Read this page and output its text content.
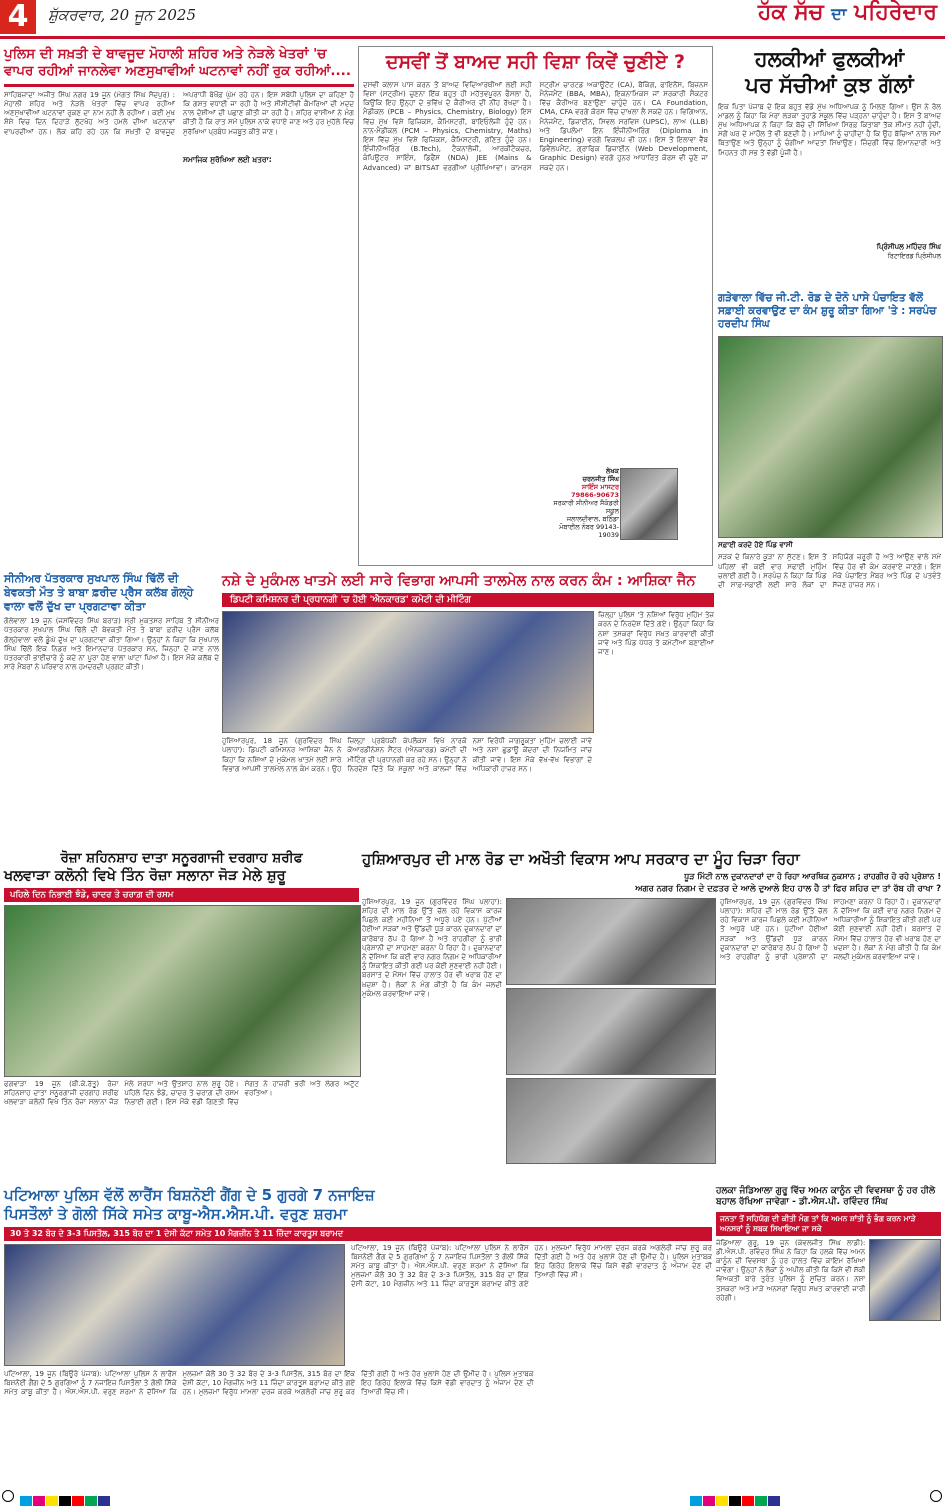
4	ਸ਼ੁੱਕਰਵਾਰ, 20 ਜੂਨ 2025	ਹੱਕ ਸੱਚ ਦਾ ਪਹਿਰੇਦਾਰ
ਪੁਲਿਸ ਦੀ ਸਖ਼ਤੀ ਦੇ ਬਾਵਜੂਦ ਮੋਹਾਲੀ ਸ਼ਹਿਰ ਅਤੇ ਨੇੜਲੇ ਖੇਤਰਾਂ 'ਚ ਵਾਪਰ ਰਹੀਆਂ ਜਾਨਲੇਵਾ ਅਣਸੁਖਾਵੀਆਂ ਘਟਨਾਵਾਂ ਨਹੀਂ ਰੁਕ ਰਹੀਆਂ....
ਸਾਹਿਬਜ਼ਾਦਾ ਅਜੀਤ ਸਿੰਘ ਨਗਰ 19 ਜੂਨ (ਮੰਗਤ ਸਿੰਘ ਸੈਦਪੁਰ) : ਮੋਹਾਲੀ ਸ਼ਹਿਰ ਅਤੇ ਨੇੜਲੇ ਖੇਤਰਾਂ ਵਿੱਚ ਵਾਪਰ ਰਹੀਆਂ ਅਣਸੁਖਾਵੀਆਂ ਘਟਨਾਵਾਂ ਰੁਕਣ ਦਾ ਨਾਮ ਨਹੀਂ ਲੈ ਰਹੀਆਂ। ਕਈ ਮੁਖ ਸ਼ੋਸ਼ੇ ਵਿਚ ਦਿਨ ਦਿਹਾੜੇ ਲੁੱਟਖੋਹ ਅਤੇ ਹਮਲੇ ਦੀਆਂ ਘਟਨਾਵਾਂ ਵਾਪਰਦੀਆਂ ਹਨ। ਲੋਕ ਕਹਿ ਰਹੇ ਹਨ ਕਿ ਸਖ਼ਤੀ ਦੇ ਬਾਵਜੂਦ ਅਪਰਾਧੀ ਬੇਖੌਫ਼ ਘੁੰਮ ਰਹੇ ਹਨ। ਇਸ ਸਬੰਧੀ ਪੁਲਿਸ ਦਾ ਕਹਿਣਾ ਹੈ ਕਿ ਗਸ਼ਤ ਵਧਾਈ ਜਾ ਰਹੀ ਹੈ ਅਤੇ ਸੀਸੀਟੀਵੀ ਕੈਮਰਿਆਂ ਦੀ ਮਦਦ ਨਾਲ ਦੋਸ਼ੀਆਂ ਦੀ ਪਛਾਣ ਕੀਤੀ ਜਾ ਰਹੀ ਹੈ। ਸ਼ਹਿਰ ਵਾਸੀਆਂ ਨੇ ਮੰਗ ਕੀਤੀ ਹੈ ਕਿ ਰਾਤ ਸਮੇਂ ਪੁਲਿਸ ਨਾਕੇ ਵਧਾਏ ਜਾਣ ਅਤੇ ਹਰ ਮੁਹੱਲੇ ਵਿਚ ਸੁਰੱਖਿਆ ਪ੍ਰਬੰਧ ਮਜ਼ਬੂਤ ਕੀਤੇ ਜਾਣ।
ਸਮਾਜਿਕ ਸੁਰੱਖਿਆ ਲਈ ਖ਼ਤਰਾ:
ਦਸਵੀਂ ਤੋਂ ਬਾਅਦ ਸਹੀ ਵਿਸ਼ਾ ਕਿਵੇਂ ਚੁਣੀਏ ?
ਦਸਵੀਂ ਕਲਾਸ ਪਾਸ ਕਰਨ ਤੋਂ ਬਾਅਦ ਵਿਦਿਆਰਥੀਆਂ ਲਈ ਸਹੀ ਵਿਸ਼ਾ (ਸਟ੍ਰੀਮ) ਚੁਣਨਾ ਇੱਕ ਬਹੁਤ ਹੀ ਮਹੱਤਵਪੂਰਨ ਫੈਸਲਾ ਹੈ, ਕਿਉਂਕਿ ਇਹ ਉਨ੍ਹਾਂ ਦੇ ਭਵਿੱਖ ਦੇ ਕੈਰੀਅਰ ਦੀ ਨੀਂਹ ਰੱਖਦਾ ਹੈ। ਮੈਡੀਕਲ (PCB – Physics, Chemistry, Biology) ਇਸ ਵਿੱਚ ਮੁੱਖ ਵਿਸ਼ੇ ਫਿਜ਼ਿਕਸ, ਕੈਮਿਸਟਰੀ, ਬਾਇਓਲੋਜੀ ਹੁੰਦੇ ਹਨ। ਨਾਨ-ਮੈਡੀਕਲ (PCM – Physics, Chemistry, Maths) ਇਸ ਵਿੱਚ ਮੁੱਖ ਵਿਸ਼ੇ ਫਿਜ਼ਿਕਸ, ਕੈਮਿਸਟਰੀ, ਗਣਿਤ ਹੁੰਦੇ ਹਨ। ਇੰਜੀਨੀਅਰਿੰਗ (B.Tech), ਟੈਕਨਾਲੋਜੀ, ਆਰਕੀਟੈਕਚਰ, ਕੰਪਿਊਟਰ ਸਾਇੰਸ, ਡਿਫੈਂਸ (NDA) JEE (Mains & Advanced) ਜਾਂ BITSAT ਵਰਗੀਆਂ ਪ੍ਰੀਖਿਆਵਾਂ। ਕਾਮਰਸ ਸਟ੍ਰੀਮ ਚਾਰਟਡ ਅਕਾਊਂਟੈਂਟ (CA), ਬੈਂਕਿੰਗ, ਫਾਇਨੈਂਸ, ਬਿਜ਼ਨਸ ਮੈਨੇਜਮੈਂਟ (BBA, MBA), ਇਕਨਾਮਿਕਸ ਜਾਂ ਸਰਕਾਰੀ ਸੈਕਟਰ ਵਿੱਚ ਕੈਰੀਅਰ ਬਣਾਉਣਾ ਚਾਹੁੰਦੇ ਹਨ। CA Foundation, CMA, CFA ਵਰਗੇ ਕੋਰਸ ਵਿੱਚ ਦਾਖਲਾ ਲੈ ਸਕਦੇ ਹਨ। ਵਿਗਿਆਨ, ਮੈਨੇਜਮੈਂਟ, ਡਿਜ਼ਾਈਨ, ਸਿਵਲ ਸਰਵਿਸ (UPSC), ਲਾਅ (LLB) ਅਤੇ ਡਿਪਲੋਮਾ ਇਨ ਇੰਜੀਨੀਅਰਿੰਗ (Diploma in Engineering) ਵਰਗੇ ਵਿਕਲਪ ਵੀ ਹਨ। ਇਸ ਤੋਂ ਇਲਾਵਾ ਵੈੱਬ ਡਿਵੈਲਪਮੈਂਟ, ਗ੍ਰਾਫਿਕ ਡਿਜ਼ਾਈਨ (Web Development, Graphic Design) ਵਰਗੇ ਹੁਨਰ ਆਧਾਰਿਤ ਕੋਰਸ ਵੀ ਚੁਣੇ ਜਾ ਸਕਦੇ ਹਨ।
ਲੇਖਕ
ਚਰਨਜੀਤ ਸਿੰਘ
ਸਾਇੰਸ ਮਾਸਟਰ
79866-90673
ਸਰਕਾਰੀ ਸੀਨੀਅਰ ਸੈਕੰਡਰੀ ਸਕੂਲ
ਜਲਾਲਦੀਵਾਲ, ਬਠਿੰਡਾ
ਮੋਬਾਈਲ ਨੰਬਰ 99143-19039
ਹਲਕੀਆਂ ਫੁਲਕੀਆਂ
ਪਰ ਸੱਚੀਆਂ ਕੁਝ ਗੱਲਾਂ
ਇਕ ਪਿਤਾ ਪੰਜਾਬ ਦੇ ਇਕ ਬਹੁਤ ਵੱਡੇ ਮੁੱਖ ਅਧਿਆਪਕ ਨੂੰ ਮਿਲਣ ਗਿਆ। ਉਸ ਨੇ ਰੋਲ ਮਾਡਲ ਨੂੰ ਕਿਹਾ ਕਿ ਮੇਰਾ ਲੜਕਾ ਤੁਹਾਡੇ ਸਕੂਲ ਵਿੱਚ ਪੜ੍ਹਨਾ ਚਾਹੁੰਦਾ ਹੈ। ਇਸ ਤੋਂ ਬਾਅਦ ਮੁੱਖ ਅਧਿਆਪਕ ਨੇ ਕਿਹਾ ਕਿ ਬੱਚੇ ਦੀ ਸਿੱਖਿਆ ਸਿਰਫ਼ ਕਿਤਾਬਾਂ ਤੱਕ ਸੀਮਤ ਨਹੀਂ ਹੁੰਦੀ, ਸਗੋਂ ਘਰ ਦੇ ਮਾਹੌਲ ਤੋਂ ਵੀ ਬਣਦੀ ਹੈ। ਮਾਪਿਆਂ ਨੂੰ ਚਾਹੀਦਾ ਹੈ ਕਿ ਉਹ ਬੱਚਿਆਂ ਨਾਲ ਸਮਾਂ ਬਿਤਾਉਣ ਅਤੇ ਉਨ੍ਹਾਂ ਨੂੰ ਚੰਗੀਆਂ ਆਦਤਾਂ ਸਿਖਾਉਣ। ਜ਼ਿੰਦਗੀ ਵਿੱਚ ਇਮਾਨਦਾਰੀ ਅਤੇ ਮਿਹਨਤ ਹੀ ਸਭ ਤੋਂ ਵੱਡੀ ਪੂੰਜੀ ਹੈ।
ਪ੍ਰਿੰਸੀਪਲ ਮਹਿੰਦਰ ਸਿੰਘ
ਰਿਟਾਇਰਡ ਪ੍ਰਿੰਸੀਪਲ
ਗੜੇਵਾਲਾ ਵਿੱਚ ਜੀ.ਟੀ. ਰੋਡ ਦੇ ਦੋਨੋ ਪਾਸੇ ਪੰਚਾਇਤ ਵੱਲੋਂ ਸਫ਼ਾਈ ਕਰਵਾਉਣ ਦਾ ਕੰਮ ਸ਼ੁਰੂ ਕੀਤਾ ਗਿਆ 'ਤੇ : ਸਰਪੰਚ ਹਰਦੀਪ ਸਿੰਘ
ਸਫ਼ਾਈ ਕਰਦੇ ਹੋਏ ਪਿੰਡ ਵਾਸੀ
ਸੜਕ ਦੇ ਕਿਨਾਰੇ ਕੂੜਾ ਨਾ ਸੁੱਟਣ। ਇਸ ਤੋਂ ਪਹਿਲਾਂ ਵੀ ਕਈ ਵਾਰ ਸਫਾਈ ਮੁਹਿੰਮ ਚਲਾਈ ਗਈ ਹੈ। ਸਰਪੰਚ ਨੇ ਕਿਹਾ ਕਿ ਪਿੰਡ ਦੀ ਸਾਫ਼-ਸਫ਼ਾਈ ਲਈ ਸਾਰੇ ਲੋਕਾਂ ਦਾ ਸਹਿਯੋਗ ਜ਼ਰੂਰੀ ਹੈ ਅਤੇ ਆਉਣ ਵਾਲੇ ਸਮੇਂ ਵਿੱਚ ਹੋਰ ਵੀ ਕੰਮ ਕਰਵਾਏ ਜਾਣਗੇ। ਇਸ ਮੌਕੇ ਪੰਚਾਇਤ ਮੈਂਬਰ ਅਤੇ ਪਿੰਡ ਦੇ ਪਤਵੰਤੇ ਸੱਜਣ ਹਾਜ਼ਰ ਸਨ।
ਸੀਨੀਅਰ ਪੱਤਰਕਾਰ ਸੁਖਪਾਲ ਸਿੰਘ ਢਿੱਲੋਂ ਦੀ
ਬੇਵਕਤੀ ਮੌਤ ਤੇ ਬਾਬਾ ਫ਼ਰੀਦ ਪ੍ਰੈਸ ਕਲੱਬ ਗੋਲ੍ਹੇ
ਵਾਲਾ ਵਲੋਂ ਦੁੱਖ ਦਾ ਪ੍ਰਗਟਾਵਾ ਕੀਤਾ
ਗੋਲੇਵਾਲਾ 19 ਜੂਨ (ਜਸਵਿੰਦਰ ਸਿੰਘ ਬਰਾੜ) ਸ੍ਰੀ ਮੁਕਤਸਰ ਸਾਹਿਬ ਤੋਂ ਸੀਨੀਅਰ ਪੱਤਰਕਾਰ ਸੁਖਪਾਲ ਸਿੰਘ ਢਿੱਲੋਂ ਦੀ ਬੇਵਕਤੀ ਮੌਤ ਤੇ ਬਾਬਾ ਫ਼ਰੀਦ ਪ੍ਰੈਸ ਕਲੱਬ ਗੋਲ੍ਹੇਵਾਲਾ ਵਲੋਂ ਡੂੰਘੇ ਦੁੱਖ ਦਾ ਪ੍ਰਗਟਾਵਾ ਕੀਤਾ ਗਿਆ। ਉਨ੍ਹਾਂ ਨੇ ਕਿਹਾ ਕਿ ਸੁਖਪਾਲ ਸਿੰਘ ਢਿੱਲੋਂ ਇਕ ਨਿਡਰ ਅਤੇ ਇਮਾਨਦਾਰ ਪੱਤਰਕਾਰ ਸਨ, ਜਿਨ੍ਹਾਂ ਦੇ ਜਾਣ ਨਾਲ ਪੱਤਰਕਾਰੀ ਭਾਈਚਾਰੇ ਨੂੰ ਕਦੇ ਨਾ ਪੂਰਾ ਹੋਣ ਵਾਲਾ ਘਾਟਾ ਪਿਆ ਹੈ। ਇਸ ਮੌਕੇ ਕਲੱਬ ਦੇ ਸਾਰੇ ਮੈਂਬਰਾਂ ਨੇ ਪਰਿਵਾਰ ਨਾਲ ਹਮਦਰਦੀ ਪ੍ਰਗਟ ਕੀਤੀ।
ਨਸ਼ੇ ਦੇ ਮੁਕੰਮਲ ਖਾਤਮੇ ਲਈ ਸਾਰੇ ਵਿਭਾਗ ਆਪਸੀ ਤਾਲਮੇਲ ਨਾਲ ਕਰਨ ਕੰਮ : ਆਸ਼ਿਕਾ ਜੈਨ
ਡਿਪਟੀ ਕਮਿਸ਼ਨਰ ਦੀ ਪ੍ਰਧਾਨਗੀ 'ਚ ਹੋਈ 'ਐਨਕਾਰਡ' ਕਮੇਟੀ ਦੀ ਮੀਟਿੰਗ
ਹੁਸ਼ਿਆਰਪੁਰ, 18 ਜੂਨ (ਗੁਰਵਿੰਦਰ ਸਿੰਘ ਪਲਾਹਾ): ਡਿਪਟੀ ਕਮਿਸ਼ਨਰ ਆਸ਼ਿਕਾ ਜੈਨ ਨੇ ਕਿਹਾ ਕਿ ਨਸ਼ਿਆਂ ਦੇ ਮੁਕੰਮਲ ਖਾਤਮੇ ਲਈ ਸਾਰੇ ਵਿਭਾਗ ਆਪਸੀ ਤਾਲਮੇਲ ਨਾਲ ਕੰਮ ਕਰਨ। ਉਹ ਜ਼ਿਲ੍ਹਾ ਪ੍ਰਬੰਧਕੀ ਕੰਪਲੈਕਸ ਵਿਖੇ ਨਾਰਕੋ ਕੋਆਰਡੀਨੇਸ਼ਨ ਸੈਂਟਰ (ਐਨਕਾਰਡ) ਕਮੇਟੀ ਦੀ ਮੀਟਿੰਗ ਦੀ ਪ੍ਰਧਾਨਗੀ ਕਰ ਰਹੇ ਸਨ। ਉਨ੍ਹਾਂ ਨੇ ਨਿਰਦੇਸ਼ ਦਿੱਤੇ ਕਿ ਸਕੂਲਾਂ ਅਤੇ ਕਾਲਜਾਂ ਵਿੱਚ ਨਸ਼ਾ ਵਿਰੋਧੀ ਜਾਗਰੂਕਤਾ ਮੁਹਿੰਮ ਚਲਾਈ ਜਾਵੇ ਅਤੇ ਨਸ਼ਾ ਛੁਡਾਊ ਕੇਂਦਰਾਂ ਦੀ ਨਿਯਮਿਤ ਜਾਂਚ ਕੀਤੀ ਜਾਵੇ। ਇਸ ਮੌਕੇ ਵੱਖ-ਵੱਖ ਵਿਭਾਗਾਂ ਦੇ ਅਧਿਕਾਰੀ ਹਾਜ਼ਰ ਸਨ।
ਜ਼ਿਲ੍ਹਾ ਪੁਲਿਸ 'ਤੇ ਨਸ਼ਿਆਂ ਵਿਰੁੱਧ ਮੁਹਿੰਮ ਤੇਜ਼ ਕਰਨ ਦੇ ਨਿਰਦੇਸ਼ ਦਿੱਤੇ ਗਏ। ਉਨ੍ਹਾਂ ਕਿਹਾ ਕਿ ਨਸ਼ਾ ਤਸਕਰਾਂ ਵਿਰੁੱਧ ਸਖ਼ਤ ਕਾਰਵਾਈ ਕੀਤੀ ਜਾਵੇ ਅਤੇ ਪਿੰਡ ਪੱਧਰ ਤੇ ਕਮੇਟੀਆਂ ਬਣਾਈਆਂ ਜਾਣ।
ਰੋਜ਼ਾ ਸ਼ਹਿਨਸ਼ਾਹ ਦਾਤਾ ਸਨੂਰਗਾਜੀ ਦਰਗਾਹ ਸ਼ਰੀਫ
ਖਲਵਾੜਾ ਕਲੋਨੀ ਵਿਖੇ ਤਿੰਨ ਰੋਜ਼ਾ ਸਲਾਨਾ ਜੋੜ ਮੇਲੇ ਸ਼ੁਰੂ
ਪਹਿਲੇ ਦਿਨ ਨਿਭਾਈ ਝੰਡੇ, ਚਾਦਰ ਤੇ ਚਰਾਗ਼ ਦੀ ਰਸਮ
ਫਗਵਾੜਾ 19 ਜੂਨ (ਬੀ.ਕੇ.ਰੱਤੂ) ਰੋਜ਼ਾ ਸ਼ਹਿਨਸ਼ਾਹ ਦਾਤਾ ਸਨੂਰਗਾਜੀ ਦਰਗਾਹ ਸ਼ਰੀਫ ਖਲਵਾੜਾ ਕਲੋਨੀ ਵਿਖੇ ਤਿੰਨ ਰੋਜ਼ਾ ਸਲਾਨਾ ਜੋੜ ਮੇਲੇ ਸ਼ਰਧਾ ਅਤੇ ਉਤਸ਼ਾਹ ਨਾਲ ਸ਼ੁਰੂ ਹੋਏ। ਪਹਿਲੇ ਦਿਨ ਝੰਡੇ, ਚਾਦਰ ਤੇ ਚਰਾਗ਼ ਦੀ ਰਸਮ ਨਿਭਾਈ ਗਈ। ਇਸ ਮੌਕੇ ਵੱਡੀ ਗਿਣਤੀ ਵਿੱਚ ਸੰਗਤ ਨੇ ਹਾਜ਼ਰੀ ਭਰੀ ਅਤੇ ਲੰਗਰ ਅਟੁੱਟ ਵਰਤਿਆ।
ਹੁਸ਼ਿਆਰਪੁਰ ਦੀ ਮਾਲ ਰੋਡ ਦਾ ਅਖੌਤੀ ਵਿਕਾਸ ਆਪ ਸਰਕਾਰ ਦਾ ਮੂੰਹ ਚਿੜਾ ਰਿਹਾ
ਧੂੜ ਮਿੱਟੀ ਨਾਲ ਦੁਕਾਨਦਾਰਾਂ ਦਾ ਹੋ ਰਿਹਾ ਆਰਥਿਕ ਨੁਕਸਾਨ ; ਰਾਹਗੀਰ ਹੋ ਰਹੇ ਪ੍ਰੇਸ਼ਾਨ !
ਅਗਰ ਨਗਰ ਨਿਗਮ ਦੇ ਦਫ਼ਤਰ ਦੇ ਆਲੇ ਦੁਆਲੇ ਇਹ ਹਾਲ ਹੈ ਤਾਂ ਫਿਰ ਸ਼ਹਿਰ ਦਾ ਤਾਂ ਰੱਬ ਹੀ ਰਾਖਾ ?
ਹੁਸ਼ਿਆਰਪੁਰ, 19 ਜੂਨ (ਗੁਰਵਿੰਦਰ ਸਿੰਘ ਪਲਾਹਾ): ਸ਼ਹਿਰ ਦੀ ਮਾਲ ਰੋਡ ਉੱਤੇ ਚੱਲ ਰਹੇ ਵਿਕਾਸ ਕਾਰਜ ਪਿਛਲੇ ਕਈ ਮਹੀਨਿਆਂ ਤੋਂ ਅਧੂਰੇ ਪਏ ਹਨ। ਪੁੱਟੀਆਂ ਹੋਈਆਂ ਸੜਕਾਂ ਅਤੇ ਉੱਡਦੀ ਧੂੜ ਕਾਰਨ ਦੁਕਾਨਦਾਰਾਂ ਦਾ ਕਾਰੋਬਾਰ ਠੱਪ ਹੋ ਗਿਆ ਹੈ ਅਤੇ ਰਾਹਗੀਰਾਂ ਨੂੰ ਭਾਰੀ ਪ੍ਰੇਸ਼ਾਨੀ ਦਾ ਸਾਹਮਣਾ ਕਰਨਾ ਪੈ ਰਿਹਾ ਹੈ। ਦੁਕਾਨਦਾਰਾਂ ਨੇ ਦੱਸਿਆ ਕਿ ਕਈ ਵਾਰ ਨਗਰ ਨਿਗਮ ਦੇ ਅਧਿਕਾਰੀਆਂ ਨੂੰ ਸ਼ਿਕਾਇਤ ਕੀਤੀ ਗਈ ਪਰ ਕੋਈ ਸੁਣਵਾਈ ਨਹੀਂ ਹੋਈ। ਬਰਸਾਤ ਦੇ ਮੌਸਮ ਵਿੱਚ ਹਾਲਾਤ ਹੋਰ ਵੀ ਖਰਾਬ ਹੋਣ ਦਾ ਖ਼ਦਸ਼ਾ ਹੈ। ਲੋਕਾਂ ਨੇ ਮੰਗ ਕੀਤੀ ਹੈ ਕਿ ਕੰਮ ਜਲਦੀ ਮੁਕੰਮਲ ਕਰਵਾਇਆ ਜਾਵੇ।
ਹੁਸ਼ਿਆਰਪੁਰ, 19 ਜੂਨ (ਗੁਰਵਿੰਦਰ ਸਿੰਘ ਪਲਾਹਾ): ਸ਼ਹਿਰ ਦੀ ਮਾਲ ਰੋਡ ਉੱਤੇ ਚੱਲ ਰਹੇ ਵਿਕਾਸ ਕਾਰਜ ਪਿਛਲੇ ਕਈ ਮਹੀਨਿਆਂ ਤੋਂ ਅਧੂਰੇ ਪਏ ਹਨ। ਪੁੱਟੀਆਂ ਹੋਈਆਂ ਸੜਕਾਂ ਅਤੇ ਉੱਡਦੀ ਧੂੜ ਕਾਰਨ ਦੁਕਾਨਦਾਰਾਂ ਦਾ ਕਾਰੋਬਾਰ ਠੱਪ ਹੋ ਗਿਆ ਹੈ ਅਤੇ ਰਾਹਗੀਰਾਂ ਨੂੰ ਭਾਰੀ ਪ੍ਰੇਸ਼ਾਨੀ ਦਾ ਸਾਹਮਣਾ ਕਰਨਾ ਪੈ ਰਿਹਾ ਹੈ। ਦੁਕਾਨਦਾਰਾਂ ਨੇ ਦੱਸਿਆ ਕਿ ਕਈ ਵਾਰ ਨਗਰ ਨਿਗਮ ਦੇ ਅਧਿਕਾਰੀਆਂ ਨੂੰ ਸ਼ਿਕਾਇਤ ਕੀਤੀ ਗਈ ਪਰ ਕੋਈ ਸੁਣਵਾਈ ਨਹੀਂ ਹੋਈ। ਬਰਸਾਤ ਦੇ ਮੌਸਮ ਵਿੱਚ ਹਾਲਾਤ ਹੋਰ ਵੀ ਖਰਾਬ ਹੋਣ ਦਾ ਖ਼ਦਸ਼ਾ ਹੈ। ਲੋਕਾਂ ਨੇ ਮੰਗ ਕੀਤੀ ਹੈ ਕਿ ਕੰਮ ਜਲਦੀ ਮੁਕੰਮਲ ਕਰਵਾਇਆ ਜਾਵੇ।
ਪਟਿਆਲਾ ਪੁਲਿਸ ਵੱਲੋਂ ਲਾਰੈਂਸ ਬਿਸ਼ਨੋਈ ਗੈਂਗ ਦੇ 5 ਗੁਰਗੇ 7 ਨਜਾਇਜ਼
ਪਿਸਤੌਲਾਂ ਤੇ ਗੋਲੀ ਸਿੱਕੇ ਸਮੇਤ ਕਾਬੂ-ਐਸ.ਐਸ.ਪੀ. ਵਰੁਣ ਸ਼ਰਮਾ
30 ਤੇ 32 ਬੋਰ ਦੇ 3-3 ਪਿਸਤੌਲ, 315 ਬੋਰ ਦਾ 1 ਦੇਸੀ ਕੱਟਾ ਸਮੇਤ 10 ਮੈਗਜ਼ੀਨ ਤੇ 11 ਜ਼ਿੰਦਾ ਕਾਰਤੂਸ ਬਰਾਮਦ
ਪਟਿਆਲਾ, 19 ਜੂਨ (ਬਿਊਰੋ ਪੰਜਾਬ): ਪਟਿਆਲਾ ਪੁਲਿਸ ਨੇ ਲਾਰੈਂਸ ਬਿਸ਼ਨੋਈ ਗੈਂਗ ਦੇ 5 ਗੁਰਗਿਆਂ ਨੂੰ 7 ਨਜਾਇਜ਼ ਪਿਸਤੌਲਾਂ ਤੇ ਗੋਲੀ ਸਿੱਕੇ ਸਮੇਤ ਕਾਬੂ ਕੀਤਾ ਹੈ। ਐਸ.ਐਸ.ਪੀ. ਵਰੁਣ ਸ਼ਰਮਾ ਨੇ ਦੱਸਿਆ ਕਿ ਮੁਲਜ਼ਮਾਂ ਕੋਲੋਂ 30 ਤੇ 32 ਬੋਰ ਦੇ 3-3 ਪਿਸਤੌਲ, 315 ਬੋਰ ਦਾ ਇੱਕ ਦੇਸੀ ਕੱਟਾ, 10 ਮੈਗਜ਼ੀਨ ਅਤੇ 11 ਜ਼ਿੰਦਾ ਕਾਰਤੂਸ ਬਰਾਮਦ ਕੀਤੇ ਗਏ ਹਨ। ਮੁਲਜ਼ਮਾਂ ਵਿਰੁੱਧ ਮਾਮਲਾ ਦਰਜ ਕਰਕੇ ਅਗਲੇਰੀ ਜਾਂਚ ਸ਼ੁਰੂ ਕਰ ਦਿੱਤੀ ਗਈ ਹੈ ਅਤੇ ਹੋਰ ਖੁਲਾਸੇ ਹੋਣ ਦੀ ਉਮੀਦ ਹੈ। ਪੁਲਿਸ ਮੁਤਾਬਕ ਇਹ ਗਿਰੋਹ ਇਲਾਕੇ ਵਿੱਚ ਕਿਸੇ ਵੱਡੀ ਵਾਰਦਾਤ ਨੂੰ ਅੰਜਾਮ ਦੇਣ ਦੀ ਤਿਆਰੀ ਵਿੱਚ ਸੀ।
ਪਟਿਆਲਾ, 19 ਜੂਨ (ਬਿਊਰੋ ਪੰਜਾਬ): ਪਟਿਆਲਾ ਪੁਲਿਸ ਨੇ ਲਾਰੈਂਸ ਬਿਸ਼ਨੋਈ ਗੈਂਗ ਦੇ 5 ਗੁਰਗਿਆਂ ਨੂੰ 7 ਨਜਾਇਜ਼ ਪਿਸਤੌਲਾਂ ਤੇ ਗੋਲੀ ਸਿੱਕੇ ਸਮੇਤ ਕਾਬੂ ਕੀਤਾ ਹੈ। ਐਸ.ਐਸ.ਪੀ. ਵਰੁਣ ਸ਼ਰਮਾ ਨੇ ਦੱਸਿਆ ਕਿ ਮੁਲਜ਼ਮਾਂ ਕੋਲੋਂ 30 ਤੇ 32 ਬੋਰ ਦੇ 3-3 ਪਿਸਤੌਲ, 315 ਬੋਰ ਦਾ ਇੱਕ ਦੇਸੀ ਕੱਟਾ, 10 ਮੈਗਜ਼ੀਨ ਅਤੇ 11 ਜ਼ਿੰਦਾ ਕਾਰਤੂਸ ਬਰਾਮਦ ਕੀਤੇ ਗਏ ਹਨ। ਮੁਲਜ਼ਮਾਂ ਵਿਰੁੱਧ ਮਾਮਲਾ ਦਰਜ ਕਰਕੇ ਅਗਲੇਰੀ ਜਾਂਚ ਸ਼ੁਰੂ ਕਰ ਦਿੱਤੀ ਗਈ ਹੈ ਅਤੇ ਹੋਰ ਖੁਲਾਸੇ ਹੋਣ ਦੀ ਉਮੀਦ ਹੈ। ਪੁਲਿਸ ਮੁਤਾਬਕ ਇਹ ਗਿਰੋਹ ਇਲਾਕੇ ਵਿੱਚ ਕਿਸੇ ਵੱਡੀ ਵਾਰਦਾਤ ਨੂੰ ਅੰਜਾਮ ਦੇਣ ਦੀ ਤਿਆਰੀ ਵਿੱਚ ਸੀ।
ਹਲਕਾ ਜੰਡਿਆਲਾ ਗੁਰੂ ਵਿੱਚ ਅਮਨ ਕਾਨੂੰਨ ਦੀ ਵਿਵਸਥਾ ਨੂੰ ਹਰ ਹੀਲੇ ਬਹਾਲ ਰੱਖਿਆ ਜਾਵੇਗਾ - ਡੀ.ਐਸ.ਪੀ. ਰਵਿੰਦਰ ਸਿੰਘ
ਜਨਤਾ ਤੋਂ ਸਹਿਯੋਗ ਦੀ ਕੀਤੀ ਮੰਗ ਤਾਂ ਕਿ ਅਮਨ ਸ਼ਾਂਤੀ ਨੂੰ ਭੰਗ ਕਰਨ ਮਾੜੇ ਅਨਸਰਾਂ ਨੂੰ ਸਬਕ ਸਿਖਾਇਆ ਜਾ ਸਕੇ
ਜੰਡਿਆਲਾ ਗੁਰੂ, 19 ਜੂਨ (ਕੰਵਲਜੀਤ ਸਿੰਘ ਲਾਡੀ): ਡੀ.ਐਸ.ਪੀ. ਰਵਿੰਦਰ ਸਿੰਘ ਨੇ ਕਿਹਾ ਕਿ ਹਲਕੇ ਵਿੱਚ ਅਮਨ ਕਾਨੂੰਨ ਦੀ ਵਿਵਸਥਾ ਨੂੰ ਹਰ ਹਾਲਤ ਵਿੱਚ ਕਾਇਮ ਰੱਖਿਆ ਜਾਵੇਗਾ। ਉਨ੍ਹਾਂ ਨੇ ਲੋਕਾਂ ਨੂੰ ਅਪੀਲ ਕੀਤੀ ਕਿ ਕਿਸੇ ਵੀ ਸ਼ੱਕੀ ਵਿਅਕਤੀ ਬਾਰੇ ਤੁਰੰਤ ਪੁਲਿਸ ਨੂੰ ਸੂਚਿਤ ਕਰਨ। ਨਸ਼ਾ ਤਸਕਰਾਂ ਅਤੇ ਮਾੜੇ ਅਨਸਰਾਂ ਵਿਰੁੱਧ ਸਖ਼ਤ ਕਾਰਵਾਈ ਜਾਰੀ ਰਹੇਗੀ।
